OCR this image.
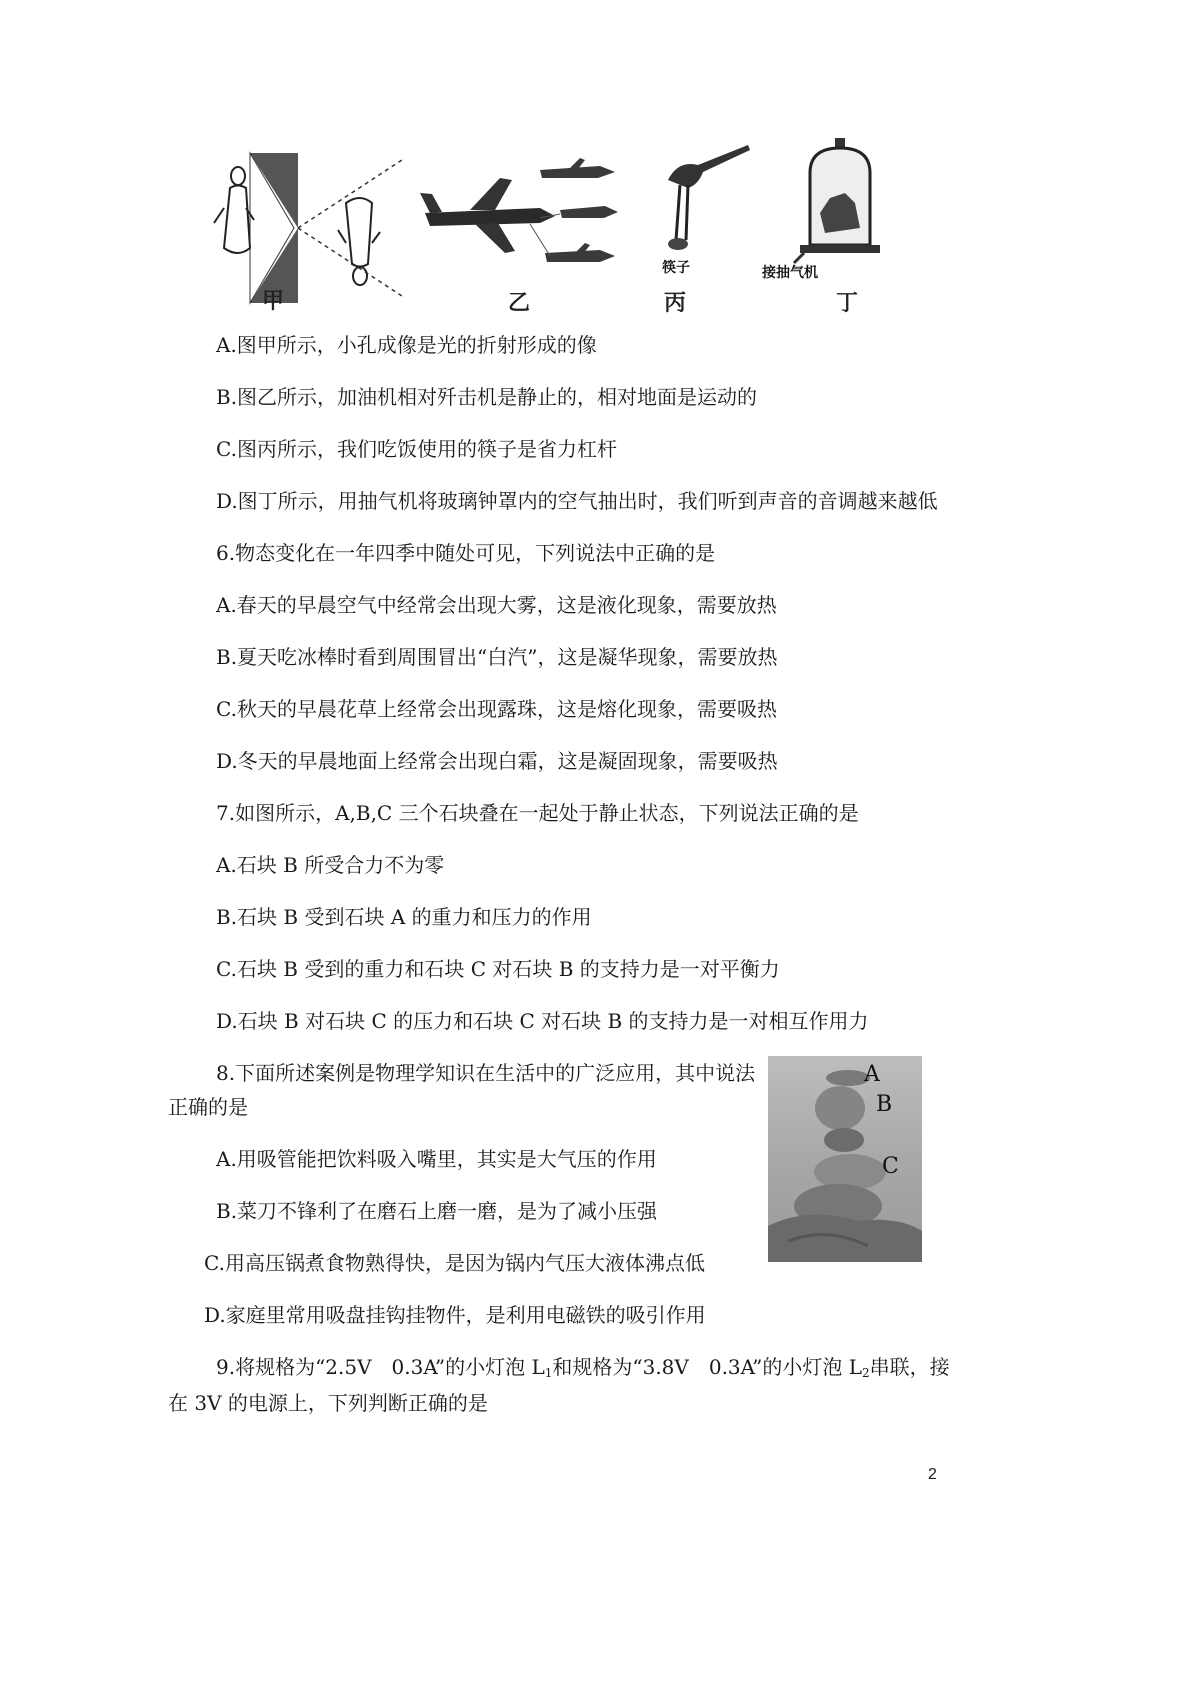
甲	乙
筷子
丙
接抽气机
丁
A.图甲所示，小孔成像是光的折射形成的像
B.图乙所示，加油机相对歼击机是静止的，相对地面是运动的
C.图丙所示，我们吃饭使用的筷子是省力杠杆
D.图丁所示，用抽气机将玻璃钟罩内的空气抽出时，我们听到声音的音调越来越低
6.物态变化在一年四季中随处可见，下列说法中正确的是
A.春天的早晨空气中经常会出现大雾，这是液化现象，需要放热
B.夏天吃冰棒时看到周围冒出“白汽”，这是凝华现象，需要放热
C.秋天的早晨花草上经常会出现露珠，这是熔化现象，需要吸热
D.冬天的早晨地面上经常会出现白霜，这是凝固现象，需要吸热
7.如图所示，A,B,C 三个石块叠在一起处于静止状态，下列说法正确的是
A.石块 B 所受合力不为零
B.石块 B 受到石块 A 的重力和压力的作用
C.石块 B 受到的重力和石块 C 对石块 B 的支持力是一对平衡力
D.石块 B 对石块 C 的压力和石块 C 对石块 B 的支持力是一对相互作用力
A
B
C
8.下面所述案例是物理学知识在生活中的广泛应用，其中说法
正确的是
A.用吸管能把饮料吸入嘴里，其实是大气压的作用
B.菜刀不锋利了在磨石上磨一磨，是为了减小压强
C.用高压锅煮食物熟得快，是因为锅内气压大液体沸点低
D.家庭里常用吸盘挂钩挂物件，是利用电磁铁的吸引作用
9.将规格为“2.5V　0.3A”的小灯泡 $L_1$和规格为“3.8V　0.3A”的小灯泡 $L_2$串联，接
在 3V 的电源上，下列判断正确的是
2
